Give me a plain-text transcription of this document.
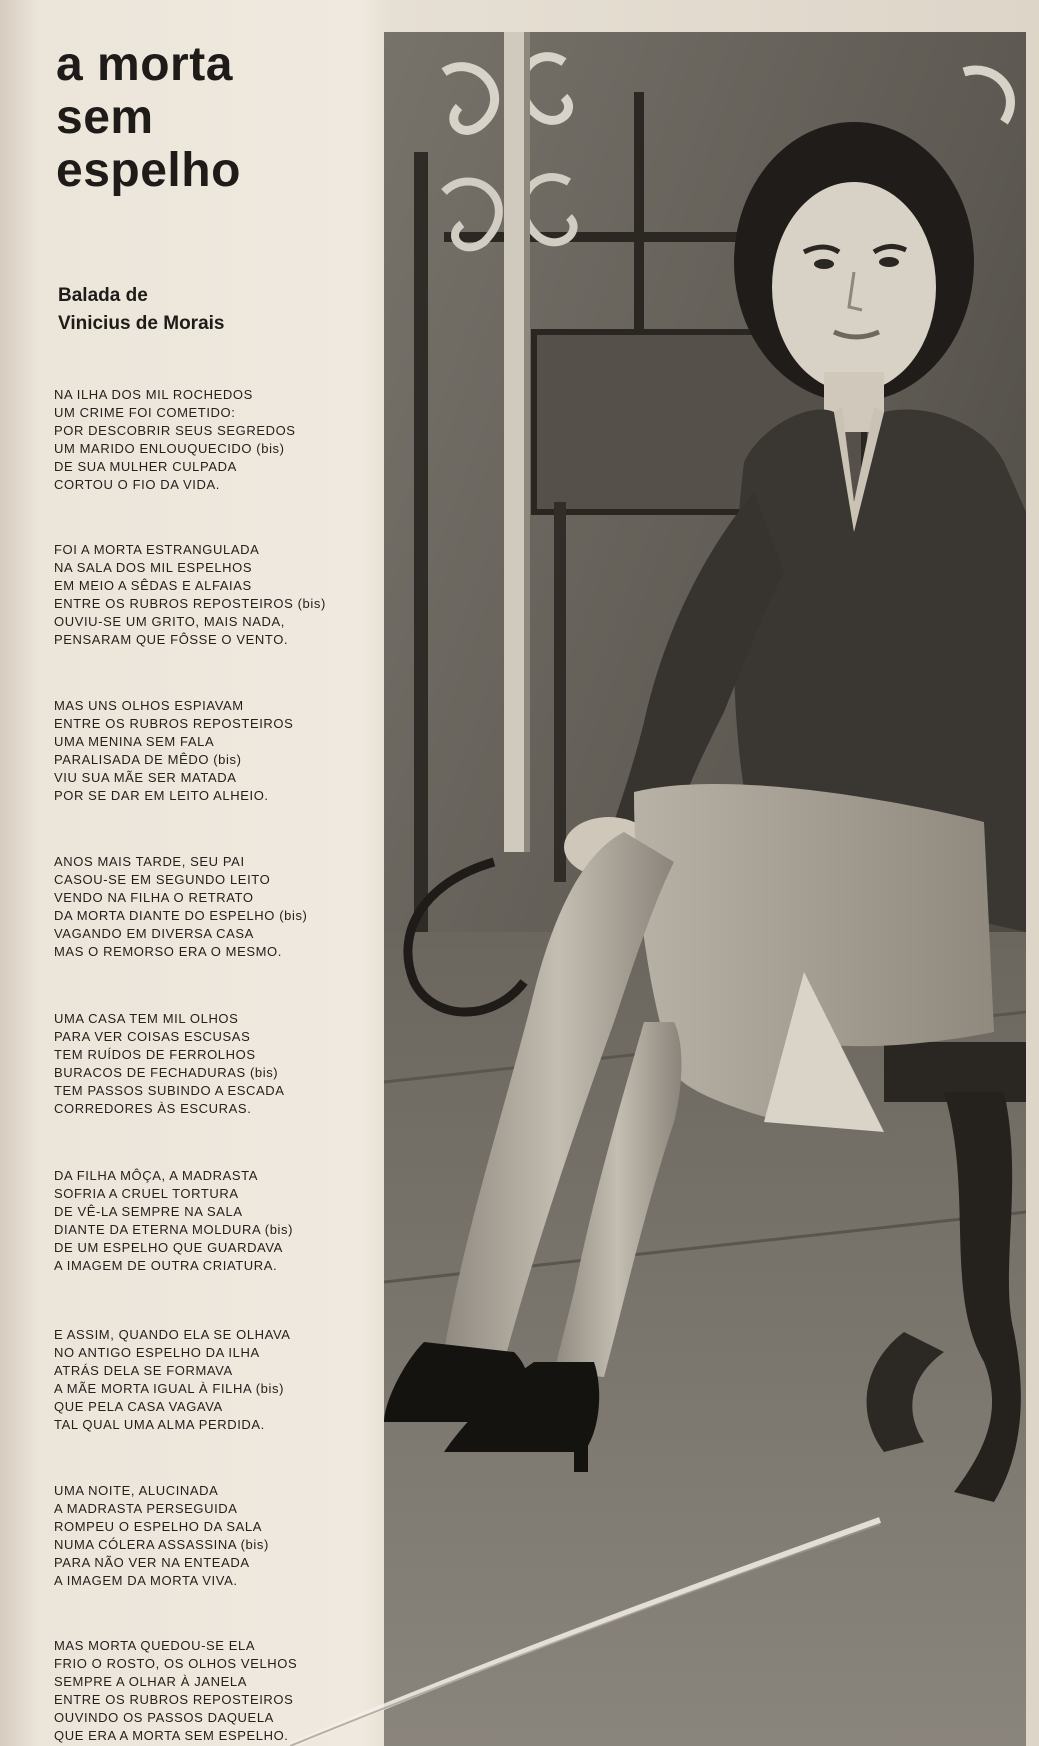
a morta
sem
espelho
Balada de
Vinicius de Morais
NA ILHA DOS MIL ROCHEDOS
UM CRIME FOI COMETIDO:
POR DESCOBRIR SEUS SEGREDOS
UM MARIDO ENLOUQUECIDO (bis)
DE SUA MULHER CULPADA
CORTOU O FIO DA VIDA.
FOI A MORTA ESTRANGULADA
NA SALA DOS MIL ESPELHOS
EM MEIO A SÊDAS E ALFAIAS
ENTRE OS RUBROS REPOSTEIROS (bis)
OUVIU-SE UM GRITO, MAIS NADA,
PENSARAM QUE FÔSSE O VENTO.
MAS UNS OLHOS ESPIAVAM
ENTRE OS RUBROS REPOSTEIROS
UMA MENINA SEM FALA
PARALISADA DE MÊDO (bis)
VIU SUA MÃE SER MATADA
POR SE DAR EM LEITO ALHEIO.
ANOS MAIS TARDE, SEU PAI
CASOU-SE EM SEGUNDO LEITO
VENDO NA FILHA O RETRATO
DA MORTA DIANTE DO ESPELHO (bis)
VAGANDO EM DIVERSA CASA
MAS O REMORSO ERA O MESMO.
UMA CASA TEM MIL OLHOS
PARA VER COISAS ESCUSAS
TEM RUÍDOS DE FERROLHOS
BURACOS DE FECHADURAS (bis)
TEM PASSOS SUBINDO A ESCADA
CORREDORES ÀS ESCURAS.
DA FILHA MÔÇA, A MADRASTA
SOFRIA A CRUEL TORTURA
DE VÊ-LA SEMPRE NA SALA
DIANTE DA ETERNA MOLDURA (bis)
DE UM ESPELHO QUE GUARDAVA
A IMAGEM DE OUTRA CRIATURA.
E ASSIM, QUANDO ELA SE OLHAVA
NO ANTIGO ESPELHO DA ILHA
ATRÁS DELA SE FORMAVA
A MÃE MORTA IGUAL À FILHA (bis)
QUE PELA CASA VAGAVA
TAL QUAL UMA ALMA PERDIDA.
UMA NOITE, ALUCINADA
A MADRASTA PERSEGUIDA
ROMPEU O ESPELHO DA SALA
NUMA CÓLERA ASSASSINA (bis)
PARA NÃO VER NA ENTEADA
A IMAGEM DA MORTA VIVA.
MAS MORTA QUEDOU-SE ELA
FRIO O ROSTO, OS OLHOS VELHOS
SEMPRE A OLHAR À JANELA
ENTRE OS RUBROS REPOSTEIROS
OUVINDO OS PASSOS DAQUELA
QUE ERA A MORTA SEM ESPELHO.
